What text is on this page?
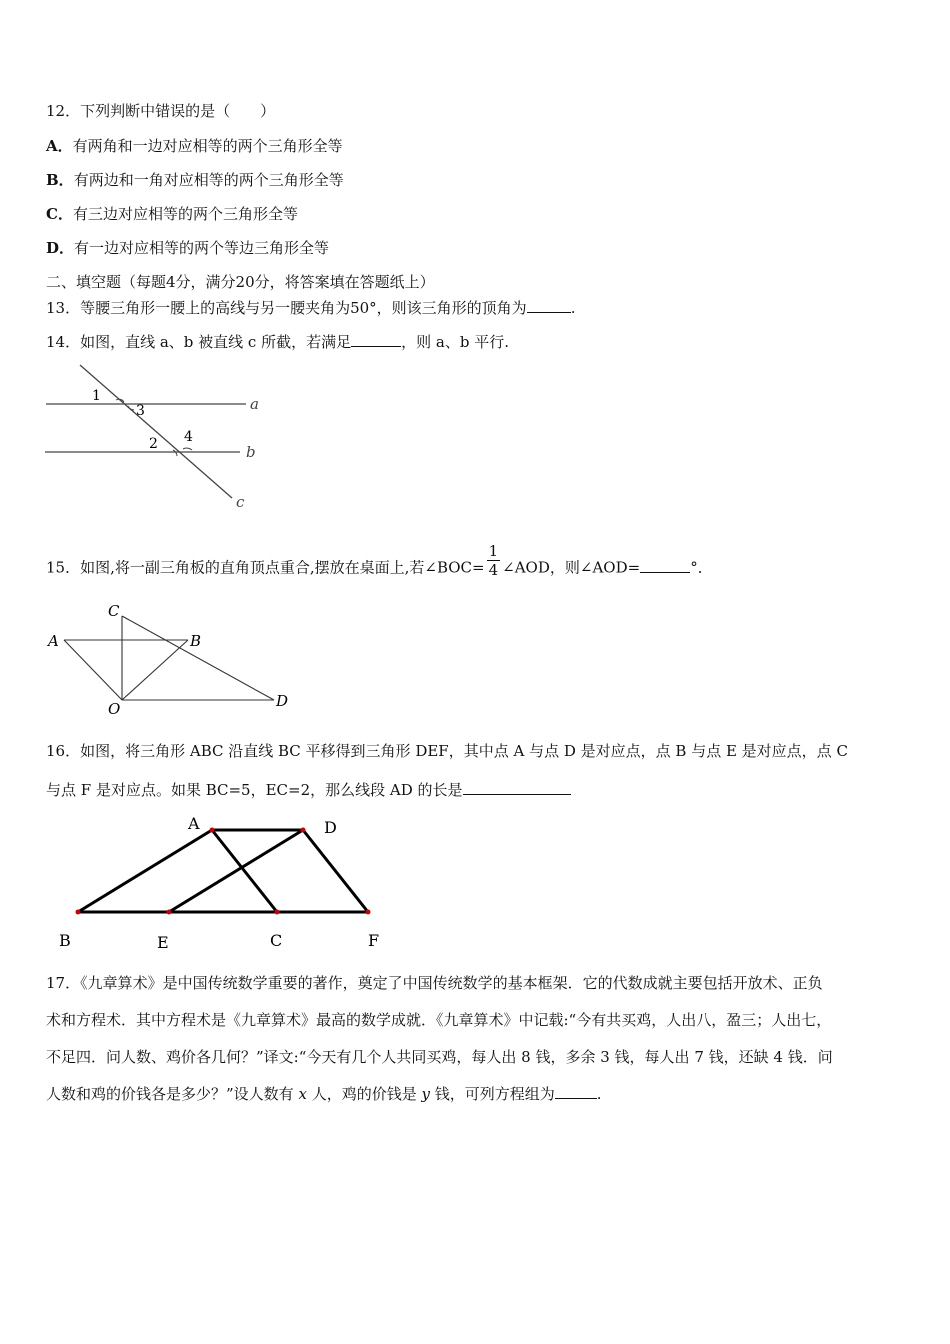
12．下列判断中错误的是（　　）
A．有两角和一边对应相等的两个三角形全等
B．有两边和一角对应相等的两个三角形全等
C．有三边对应相等的两个三角形全等
D．有一边对应相等的两个等边三角形全等
二、填空题（每题4分，满分20分，将答案填在答题纸上）
13．等腰三角形一腰上的高线与另一腰夹角为50°，则该三角形的顶角为	.
14．如图，直线 a、b 被直线 c 所截，若满足	，则 a、b 平行.
1
3
2 4
a
b
c
15．如图,将一副三角板的直角顶点重合,摆放在桌面上,若∠BOC= $\frac{1}{4}$ ∠AOD，则∠AOD=	°．
C
A	B
O	D
16．如图，将三角形 ABC 沿直线 BC 平移得到三角形 DEF，其中点 A 与点 D 是对应点，点 B 与点 E 是对应点，点 C
与点 F 是对应点。如果 BC=5，EC=2，那么线段 AD 的长是
A	D
B	E	C	F
17．《九章算术》是中国传统数学重要的著作，奠定了中国传统数学的基本框架．它的代数成就主要包括开放术、正负
术和方程术．其中方程术是《九章算术》最高的数学成就．《九章算术》中记载:“今有共买鸡，人出八，盈三；人出七，
不足四．问人数、鸡价各几何？”译文:“今天有几个人共同买鸡，每人出 8 钱，多余 3 钱，每人出 7 钱，还缺 4 钱．问
人数和鸡的价钱各是多少？”设人数有 x 人，鸡的价钱是 y 钱，可列方程组为	.
